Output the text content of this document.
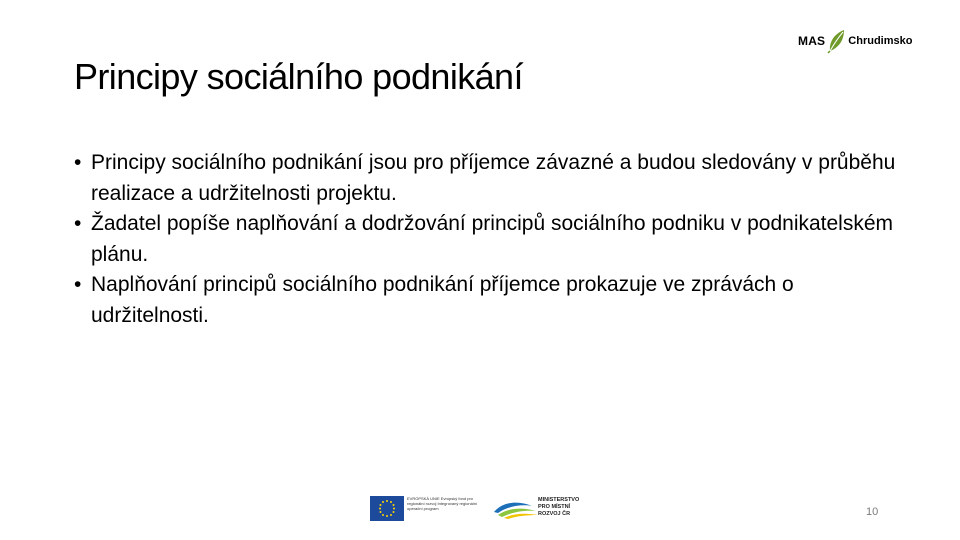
Principy sociálního podnikání
MAS Chrudimsko
• Principy sociálního podnikání jsou pro příjemce závazné a budou sledovány v průběhu realizace a udržitelnosti projektu.
• Žadatel popíše naplňování a dodržování principů sociálního podniku v podnikatelském plánu.
• Naplňování principů sociálního podnikání příjemce prokazuje ve zprávách o udržitelnosti.
EVROPSKÁ UNIE Evropský fond pro regionální rozvoj Integrovaný regionální operační program
MINISTERSTVO
PRO MÍSTNÍ
ROZVOJ ČR	10
